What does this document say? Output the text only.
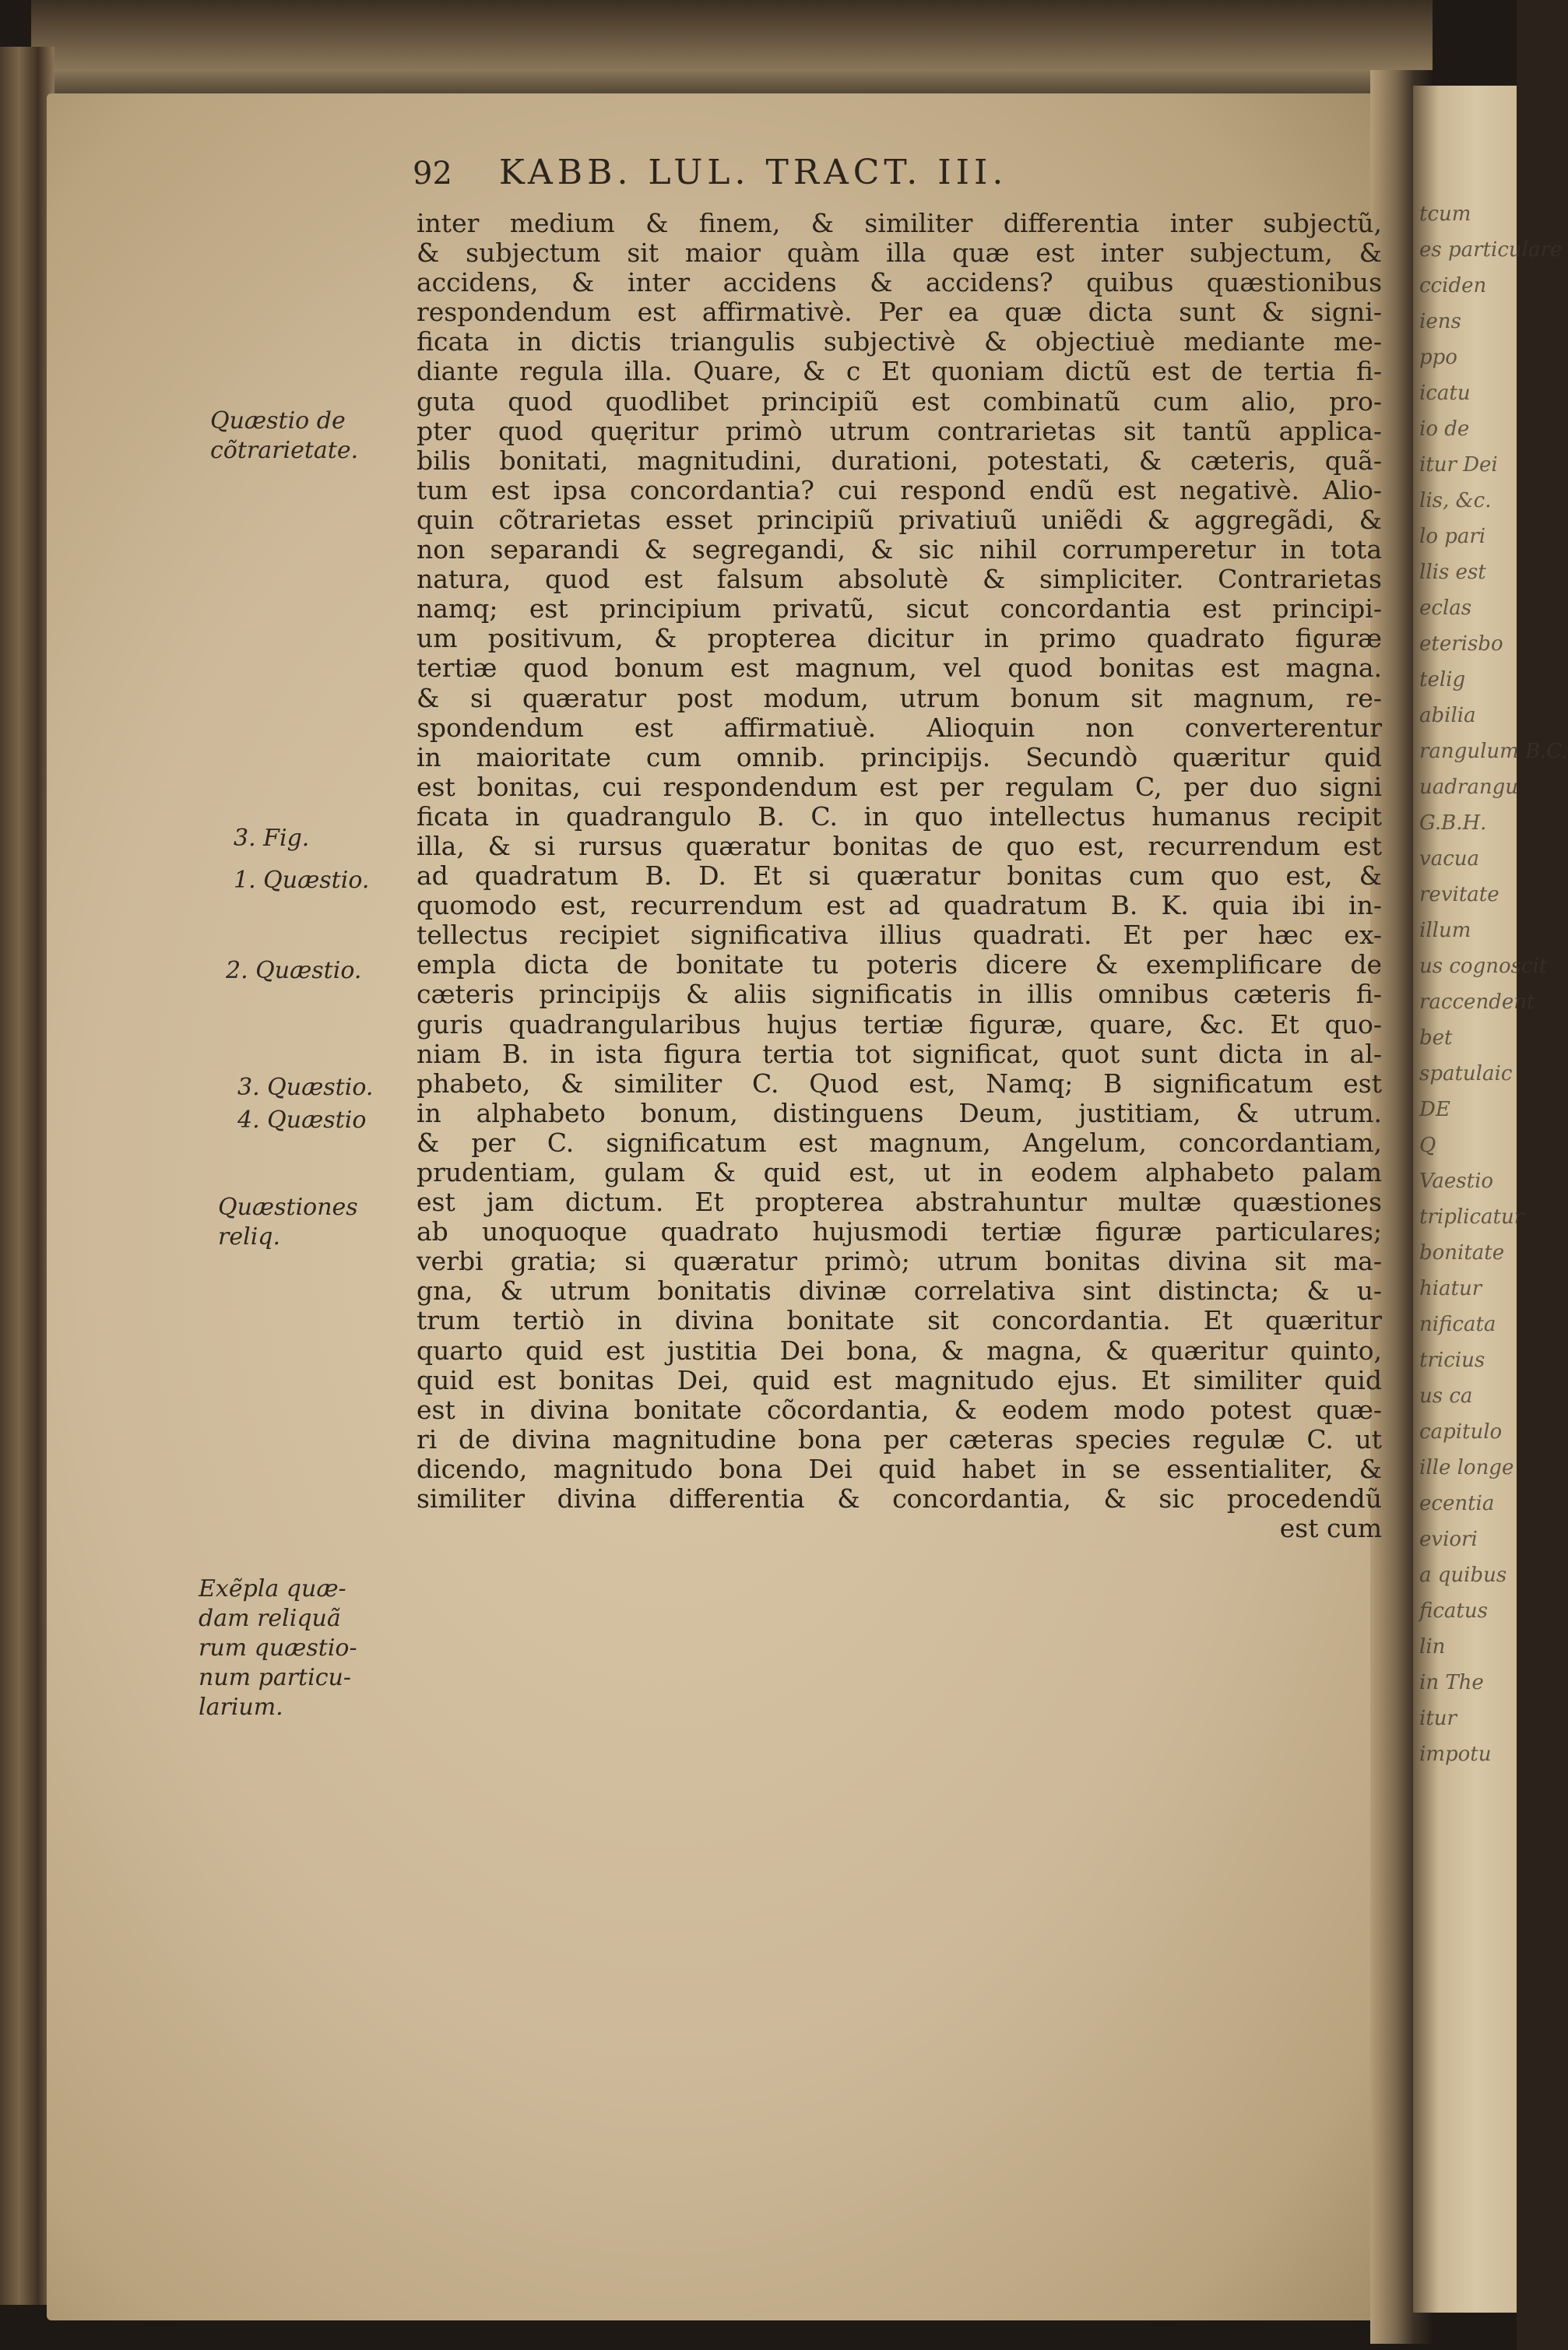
tcum
es particulare
cciden
iens
ppo
icatu
io de
itur Dei
lis, &c.
lo pari
llis est
eclas
eterisbo
telig
abilia
rangulum B.C.
uadrangu
G.B.H.
vacua
revitate
illum
us cognoscit
raccendent
bet
spatulaic
DE
Q
Vaestio
triplicatur
bonitate
hiatur
nificata
tricius
us ca
capitulo
ille longe
ecentia
eviori
a quibus
ficatus
lin
in The
itur
impotu
92 KABB. LUL. TRACT. III.
Quæstio de
cõtrarietate.
3. Fig.
1. Quæstio.
2. Quæstio.
3. Quæstio.
4. Quæstio
Quæstiones
reliq.
Exẽpla quæ-
dam reliquã
rum quæstio-
num particu-
larium.
inter medium & finem, & similiter differentia inter subjectũ,
& subjectum sit maior quàm illa quæ est inter subjectum, &
accidens, & inter accidens & accidens? quibus quæstionibus
respondendum est affirmativè. Per ea quæ dicta sunt & signi-
ficata in dictis triangulis subjectivè & objectiuè mediante me-
diante regula illa. Quare, & c Et quoniam dictũ est de tertia fi-
guta quod quodlibet principiũ est combinatũ cum alio, pro-
pter quod quęritur primò utrum contrarietas sit tantũ applica-
bilis bonitati, magnitudini, durationi, potestati, & cæteris, quã-
tum est ipsa concordantia? cui respond endũ est negativè. Alio-
quin cõtrarietas esset principiũ privatiuũ uniẽdi & aggregãdi, &
non separandi & segregandi, & sic nihil corrumperetur in tota
natura, quod est falsum absolutè & simpliciter. Contrarietas
namq; est principium privatũ, sicut concordantia est principi-
um positivum, & propterea dicitur in primo quadrato figuræ
tertiæ quod bonum est magnum, vel quod bonitas est magna.
& si quæratur post modum, utrum bonum sit magnum, re-
spondendum est affirmatiuè. Alioquin non converterentur
in maioritate cum omnib. principijs. Secundò quæritur quid
est bonitas, cui respondendum est per regulam C, per duo signi
ficata in quadrangulo B. C. in quo intellectus humanus recipit
illa, & si rursus quæratur bonitas de quo est, recurrendum est
ad quadratum B. D. Et si quæratur bonitas cum quo est, &
quomodo est, recurrendum est ad quadratum B. K. quia ibi in-
tellectus recipiet significativa illius quadrati. Et per hæc ex-
empla dicta de bonitate tu poteris dicere & exemplificare de
cæteris principijs & aliis significatis in illis omnibus cæteris fi-
guris quadrangularibus hujus tertiæ figuræ, quare, &c. Et quo-
niam B. in ista figura tertia tot significat, quot sunt dicta in al-
phabeto, & similiter C. Quod est, Namq; B significatum est
in alphabeto bonum, distinguens Deum, justitiam, & utrum.
& per C. significatum est magnum, Angelum, concordantiam,
prudentiam, gulam & quid est, ut in eodem alphabeto palam
est jam dictum. Et propterea abstrahuntur multæ quæstiones
ab unoquoque quadrato hujusmodi tertiæ figuræ particulares;
verbi gratia; si quæratur primò; utrum bonitas divina sit ma-
gna, & utrum bonitatis divinæ correlativa sint distincta; & u-
trum tertiò in divina bonitate sit concordantia. Et quæritur
quarto quid est justitia Dei bona, & magna, & quæritur quinto,
quid est bonitas Dei, quid est magnitudo ejus. Et similiter quid
est in divina bonitate cõcordantia, & eodem modo potest quæ-
ri de divina magnitudine bona per cæteras species regulæ C. ut
dicendo, magnitudo bona Dei quid habet in se essentialiter, &
similiter divina differentia & concordantia, & sic procedendũ
est cum
